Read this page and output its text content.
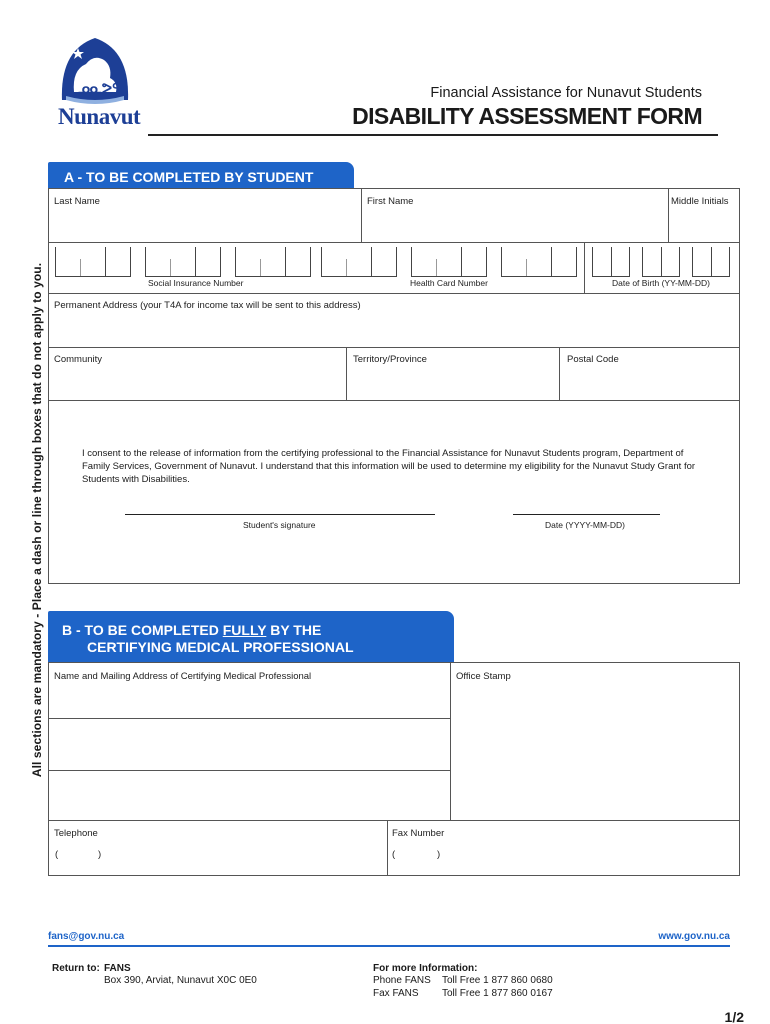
ᓄᓇᕗᑦ
Nunavut
Financial Assistance for Nunavut Students
DISABILITY ASSESSMENT FORM
All sections are mandatory - Place a dash or line through boxes that do not apply to you.
A - TO BE COMPLETED BY STUDENT
Last Name	First Name	Middle Initials
Social Insurance Number	Health Card Number	Date of Birth (YY-MM-DD)
Permanent Address (your T4A for income tax will be sent to this address)
Community	Territory/Province	Postal Code
I consent to the release of information from the certifying professional to the Financial Assistance for Nunavut Students program, Department of Family Services, Government of Nunavut. I understand that this information will be used to determine my eligibility for the Nunavut Study Grant for Students with Disabilities.
Student's signature	Date (YYYY-MM-DD)
B - TO BE COMPLETED FULLY BY THE
CERTIFYING MEDICAL PROFESSIONAL
Name and Mailing Address of Certifying Medical Professional	Office Stamp
Telephone
(	)
Fax Number
(	)
fans@gov.nu.ca	www.gov.nu.ca
Return to: FANS
Box 390, Arviat, Nunavut X0C 0E0
For more Information:
Phone FANS Toll Free 1 877 860 0680
Fax FANS Toll Free 1 877 860 0167
1/2
